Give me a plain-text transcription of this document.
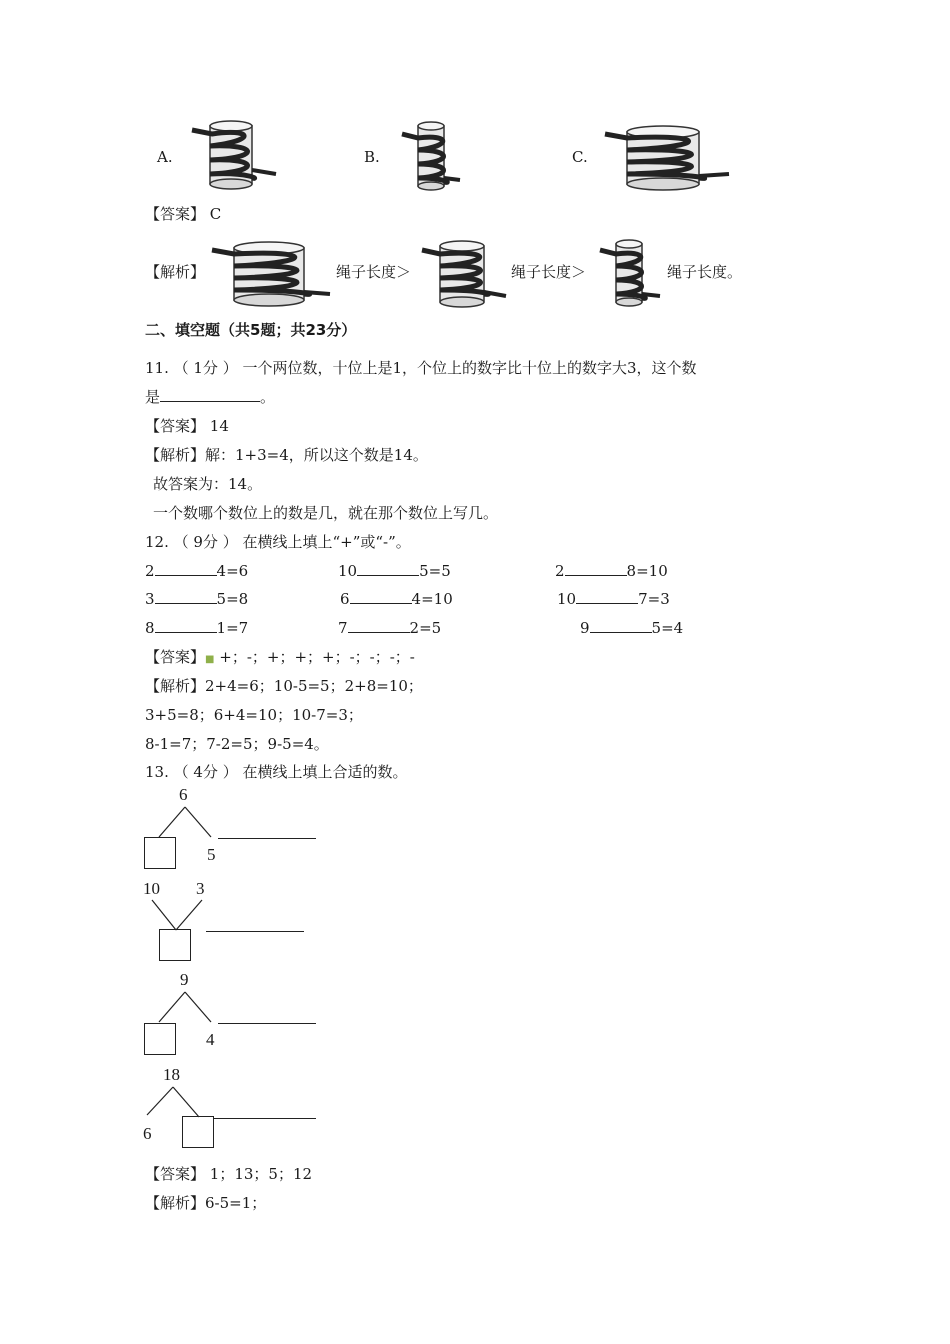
A.	B.	C.
【答案】 C
【解析】	绳子长度＞	绳子长度＞	绳子长度。
二、填空题（共5题；共23分）
11. （ 1分 ） 一个两位数，十位上是1，个位上的数字比十位上的数字大3，这个数
是	。
【答案】 14
【解析】解：1+3=4，所以这个数是14。
故答案为：14。
一个数哪个数位上的数是几，就在那个数位上写几。
12. （ 9分 ） 在横线上填上“+”或“-”。
2	4=6	10	5=5	2	8=10
3	5=8	6	4=10	10	7=3
8	1=7	7	2=5	9	5=4
【答案】■ +；-；+；+；+；-；-；-；-
【解析】2+4=6；10-5=5；2+8=10；
3+5=8；6+4=10；10-7=3；
8-1=7；7-2=5；9-5=4。
13. （ 4分 ） 在横线上填上合适的数。
6
5
10 3
9
4
18
6
【答案】 1；13；5；12
【解析】6-5=1；
